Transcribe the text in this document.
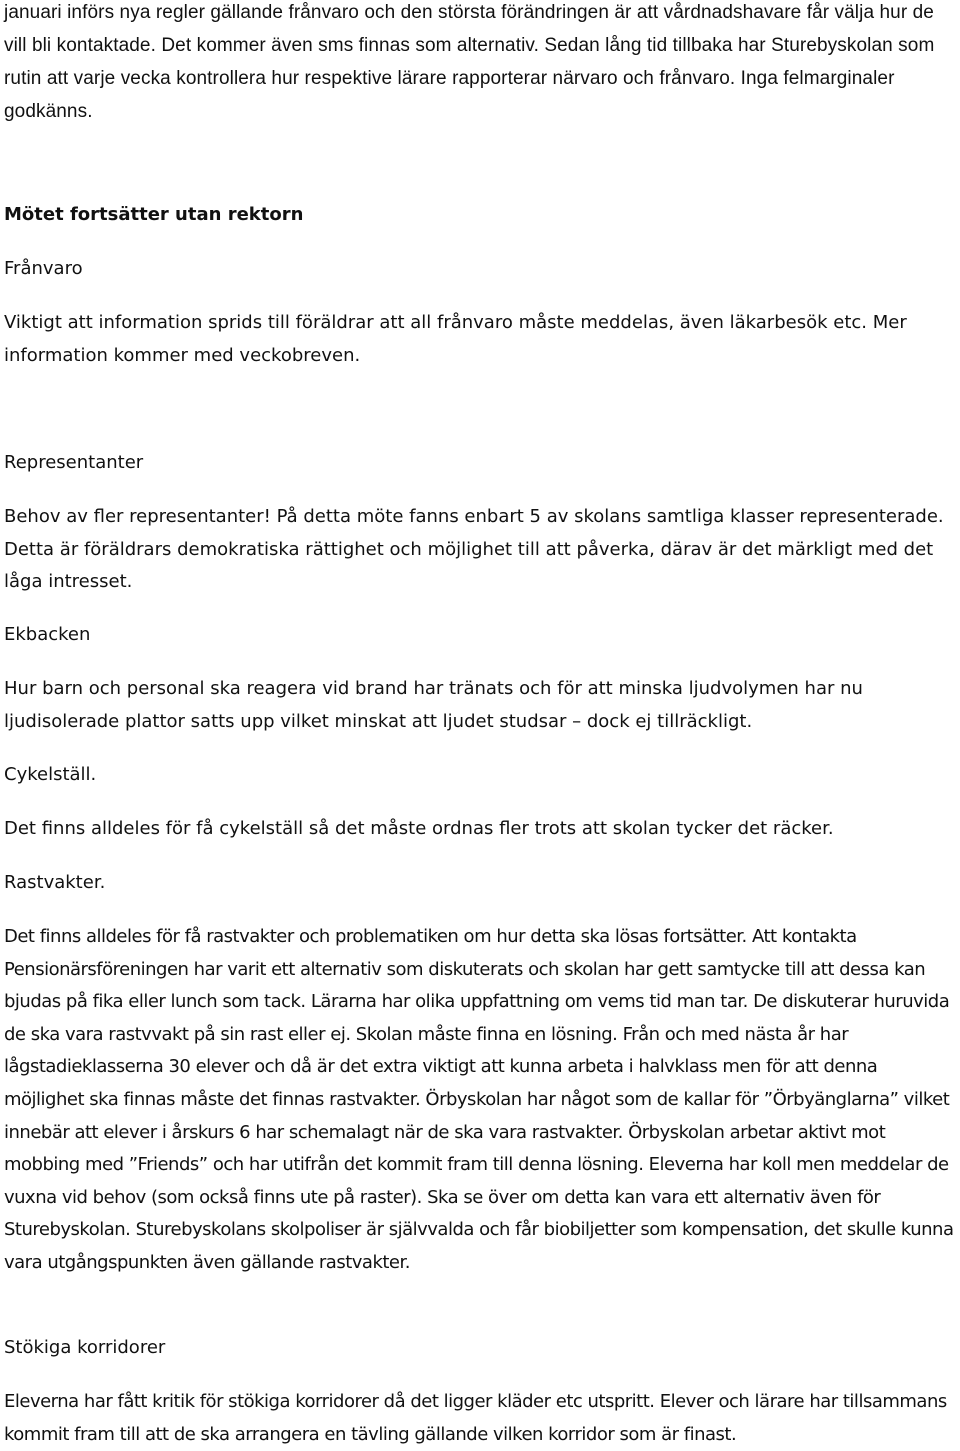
januari införs nya regler gällande frånvaro och den största förändringen är att vårdnadshavare får välja hur de vill bli kontaktade. Det kommer även sms finnas som alternativ. Sedan lång tid tillbaka har Sturebyskolan som rutin att varje vecka kontrollera hur respektive lärare rapporterar närvaro och frånvaro. Inga felmarginaler godkänns.

Mötet fortsätter utan rektorn

Frånvaro

Viktigt att information sprids till föräldrar att all frånvaro måste meddelas, även läkarbesök etc. Mer information kommer med veckobreven.

Representanter

Behov av fler representanter! På detta möte fanns enbart 5 av skolans samtliga klasser representerade. Detta är föräldrars demokratiska rättighet och möjlighet till att påverka, därav är det märkligt med det låga intresset.

Ekbacken

Hur barn och personal ska reagera vid brand har tränats och för att minska ljudvolymen har nu ljudisolerade plattor satts upp vilket minskat att ljudet studsar – dock ej tillräckligt.

Cykelställ.

Det finns alldeles för få cykelställ så det måste ordnas fler trots att skolan tycker det räcker.

Rastvakter.

Det finns alldeles för få rastvakter och problematiken om hur detta ska lösas fortsätter. Att kontakta Pensionärsföreningen har varit ett alternativ som diskuterats och skolan har gett samtycke till att dessa kan bjudas på fika eller lunch som tack. Lärarna har olika uppfattning om vems tid man tar. De diskuterar huruvida de ska vara rastvvakt på sin rast eller ej. Skolan måste finna en lösning. Från och med nästa år har lågstadieklasserna 30 elever och då är det extra viktigt att kunna arbeta i halvklass men för att denna möjlighet ska finnas måste det finnas rastvakter. Örbyskolan har något som de kallar för ”Örbyänglarna” vilket innebär att elever i årskurs 6 har schemalagt när de ska vara rastvakter. Örbyskolan arbetar aktivt mot mobbing med ”Friends” och har utifrån det kommit fram till denna lösning. Eleverna har koll men meddelar de vuxna vid behov (som också finns ute på raster). Ska se över om detta kan vara ett alternativ även för Sturebyskolan. Sturebyskolans skolpoliser är självvalda och får biobiljetter som kompensation, det skulle kunna vara utgångspunkten även gällande rastvakter.

Stökiga korridorer

Eleverna har fått kritik för stökiga korridorer då det ligger kläder etc utspritt. Elever och lärare har tillsammans kommit fram till att de ska arrangera en tävling gällande vilken korridor som är finast.
